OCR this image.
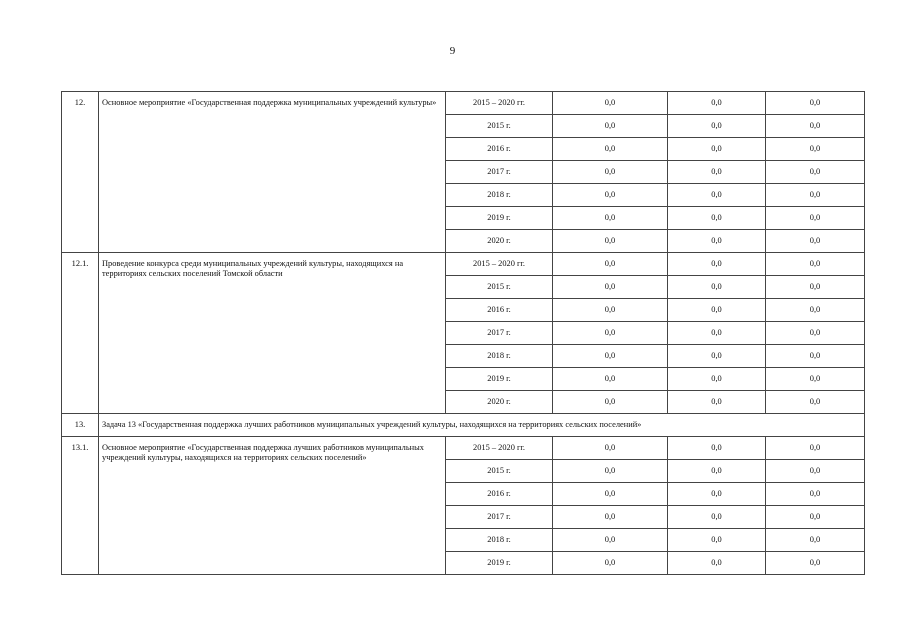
9
12.	Основное мероприятие «Государственная поддержка муниципальных учреждений культуры»	2015 – 2020 гг.	0,0	0,0	0,0
		2015 г.	0,0	0,0	0,0
		2016 г.	0,0	0,0	0,0
		2017 г.	0,0	0,0	0,0
		2018 г.	0,0	0,0	0,0
		2019 г.	0,0	0,0	0,0
		2020 г.	0,0	0,0	0,0
12.1.	Проведение конкурса среди муниципальных учреждений культуры, находящихся на территориях сельских поселений Томской области	2015 – 2020 гг.	0,0	0,0	0,0
		2015 г.	0,0	0,0	0,0
		2016 г.	0,0	0,0	0,0
		2017 г.	0,0	0,0	0,0
		2018 г.	0,0	0,0	0,0
		2019 г.	0,0	0,0	0,0
		2020 г.	0,0	0,0	0,0
13.	Задача 13 «Государственная поддержка лучших работников муниципальных учреждений культуры, находящихся на территориях сельских поселений»				
13.1.	Основное мероприятие «Государственная поддержка лучших работников муниципальных учреждений культуры, находящихся на территориях сельских поселений»	2015 – 2020 гг.	0,0	0,0	0,0
		2015 г.	0,0	0,0	0,0
		2016 г.	0,0	0,0	0,0
		2017 г.	0,0	0,0	0,0
		2018 г.	0,0	0,0	0,0
		2019 г.	0,0	0,0	0,0
